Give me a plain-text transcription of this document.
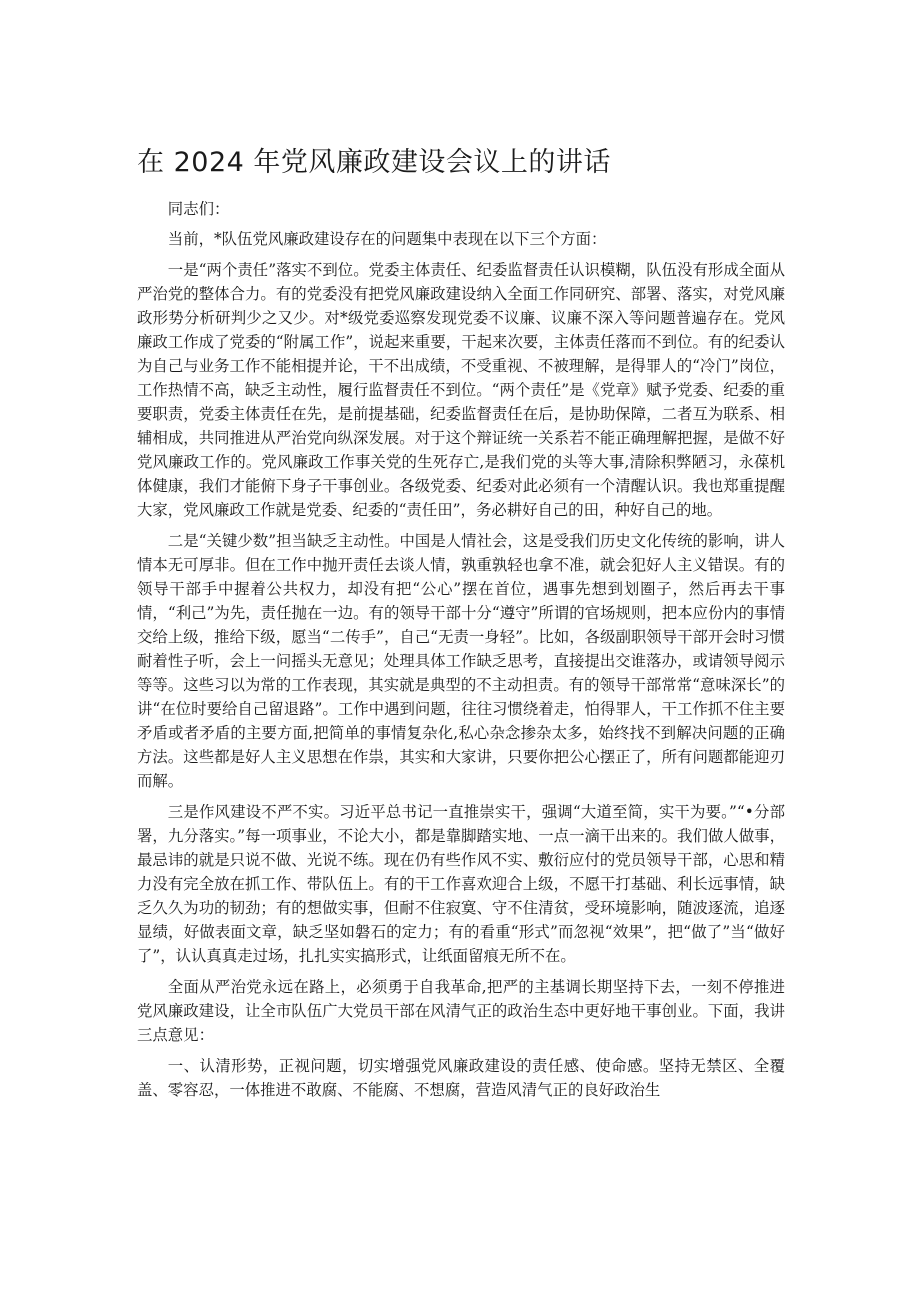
在 2024 年党风廉政建设会议上的讲话

同志们：

当前，*队伍党风廉政建设存在的问题集中表现在以下三个方面：

一是“两个责任”落实不到位。党委主体责任、纪委监督责任认识模糊，队伍没有形成全面从严治党的整体合力。有的党委没有把党风廉政建设纳入全面工作同研究、部署、落实，对党风廉政形势分析研判少之又少。对*级党委巡察发现党委不议廉、议廉不深入等问题普遍存在。党风廉政工作成了党委的“附属工作”，说起来重要，干起来次要，主体责任落而不到位。有的纪委认为自己与业务工作不能相提并论，干不出成绩，不受重视、不被理解，是得罪人的“冷门”岗位，工作热情不高，缺乏主动性，履行监督责任不到位。“两个责任”是《党章》赋予党委、纪委的重要职责，党委主体责任在先，是前提基础，纪委监督责任在后，是协助保障，二者互为联系、相辅相成，共同推进从严治党向纵深发展。对于这个辩证统一关系若不能正确理解把握，是做不好党风廉政工作的。党风廉政工作事关党的生死存亡,是我们党的头等大事,清除积弊陋习，永葆机体健康，我们才能俯下身子干事创业。各级党委、纪委对此必须有一个清醒认识。我也郑重提醒大家，党风廉政工作就是党委、纪委的“责任田”，务必耕好自己的田，种好自己的地。

二是“关键少数”担当缺乏主动性。中国是人情社会，这是受我们历史文化传统的影响，讲人情本无可厚非。但在工作中抛开责任去谈人情，孰重孰轻也拿不准，就会犯好人主义错误。有的领导干部手中握着公共权力，却没有把“公心”摆在首位，遇事先想到划圈子，然后再去干事情，“利己”为先，责任抛在一边。有的领导干部十分“遵守”所谓的官场规则，把本应份内的事情交给上级，推给下级，愿当“二传手”，自己“无责一身轻”。比如，各级副职领导干部开会时习惯耐着性子听，会上一问摇头无意见；处理具体工作缺乏思考，直接提出交谁落办，或请领导阅示等等。这些习以为常的工作表现，其实就是典型的不主动担责。有的领导干部常常“意味深长”的讲“在位时要给自己留退路”。工作中遇到问题，往往习惯绕着走，怕得罪人，干工作抓不住主要矛盾或者矛盾的主要方面,把简单的事情复杂化,私心杂念掺杂太多，始终找不到解决问题的正确方法。这些都是好人主义思想在作祟，其实和大家讲，只要你把公心摆正了，所有问题都能迎刃而解。

三是作风建设不严不实。习近平总书记一直推崇实干，强调“大道至简，实干为要。”“•分部署，九分落实。”每一项事业，不论大小，都是靠脚踏实地、一点一滴干出来的。我们做人做事，最忌讳的就是只说不做、光说不练。现在仍有些作风不实、敷衍应付的党员领导干部，心思和精力没有完全放在抓工作、带队伍上。有的干工作喜欢迎合上级，不愿干打基础、利长远事情，缺乏久久为功的韧劲；有的想做实事，但耐不住寂寞、守不住清贫，受环境影响，随波逐流，追逐显绩，好做表面文章，缺乏坚如磐石的定力；有的看重“形式”而忽视“效果”，把“做了”当“做好了”，认认真真走过场，扎扎实实搞形式，让纸面留痕无所不在。

全面从严治党永远在路上，必须勇于自我革命,把严的主基调长期坚持下去，一刻不停推进党风廉政建设，让全市队伍广大党员干部在风清气正的政治生态中更好地干事创业。下面，我讲三点意见：

一、认清形势，正视问题，切实增强党风廉政建设的责任感、使命感。坚持无禁区、全覆盖、零容忍，一体推进不敢腐、不能腐、不想腐，营造风清气正的良好政治生
